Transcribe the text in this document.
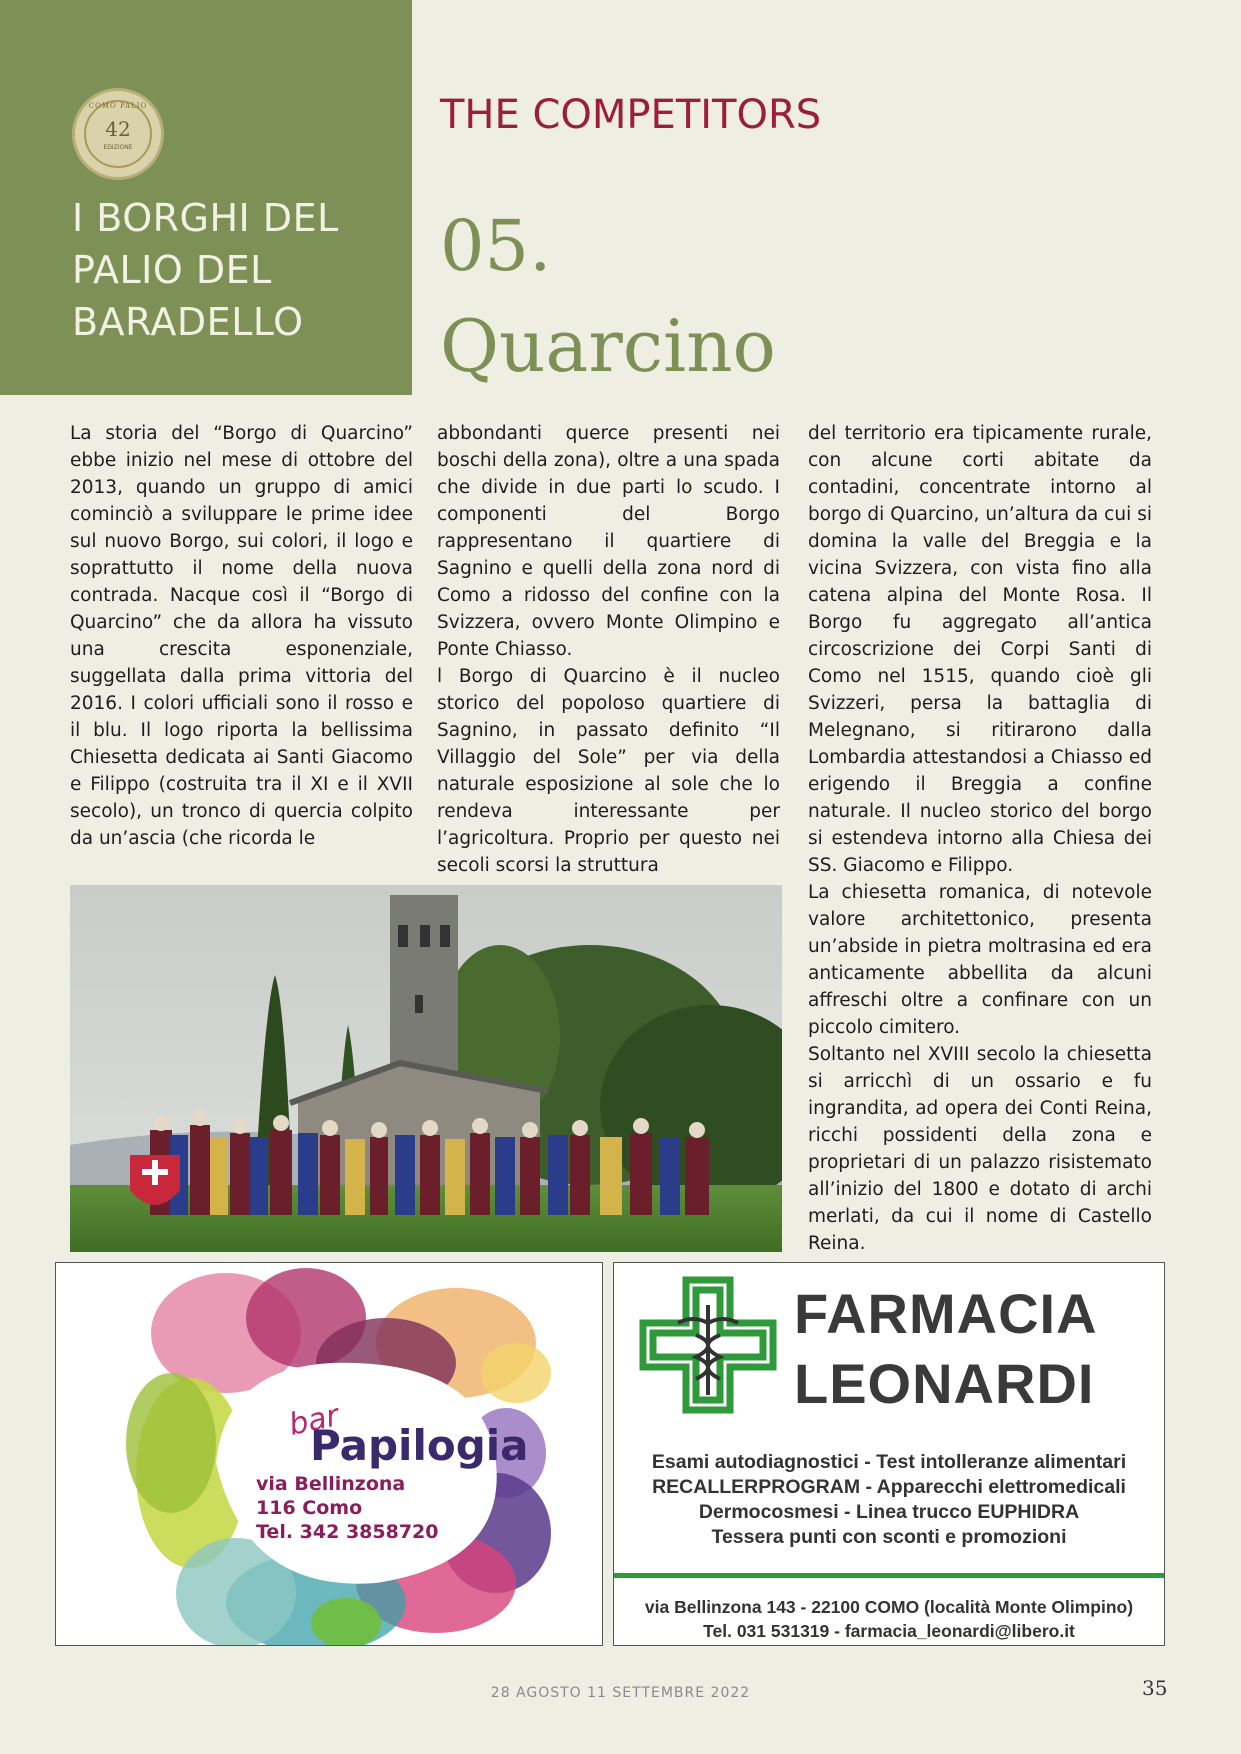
COMO PALIO
42
EDIZIONE
I BORGHI DEL
PALIO DEL
BARADELLO
THE COMPETITORS
05.
Quarcino

La storia del “Borgo di Quarcino” ebbe inizio nel mese di ottobre del 2013, quando un gruppo di amici cominciò a sviluppare le prime idee sul nuovo Borgo, sui colori, il logo e soprattutto il nome della nuova contrada. Nacque così il “Borgo di Quarcino” che da allora ha vissuto una crescita esponenziale, suggellata dalla prima vittoria del 2016. I colori ufficiali sono il rosso e il blu. Il logo riporta la bellissima Chiesetta dedicata ai Santi Giacomo e Filippo (costruita tra il XI e il XVII secolo), un tronco di quercia colpito da un’ascia (che ricorda le

abbondanti querce presenti nei boschi della zona), oltre a una spada che divide in due parti lo scudo. I componenti del Borgo rappresentano il quartiere di Sagnino e quelli della zona nord di Como a ridosso del confine con la Svizzera, ovvero Monte Olimpino e Ponte Chiasso.

l Borgo di Quarcino è il nucleo storico del popoloso quartiere di Sagnino, in passato definito “Il Villaggio del Sole” per via della naturale esposizione al sole che lo rendeva interessante per l’agricoltura. Proprio per questo nei secoli scorsi la struttura

del territorio era tipicamente rurale, con alcune corti abitate da contadini, concentrate intorno al borgo di Quarcino, un’altura da cui si domina la valle del Breggia e la vicina Svizzera, con vista fino alla catena alpina del Monte Rosa. Il Borgo fu aggregato all’antica circoscrizione dei Corpi Santi di Como nel 1515, quando cioè gli Svizzeri, persa la battaglia di Melegnano, si ritirarono dalla Lombardia attestandosi a Chiasso ed erigendo il Breggia a confine naturale. Il nucleo storico del borgo si estendeva intorno alla Chiesa dei SS. Giacomo e Filippo.

La chiesetta romanica, di notevole valore architettonico, presenta un’abside in pietra moltrasina ed era anticamente abbellita da alcuni affreschi oltre a confinare con un piccolo cimitero.

Soltanto nel XVIII secolo la chiesetta si arricchì di un ossario e fu ingrandita, ad opera dei Conti Reina, ricchi possidenti della zona e proprietari di un palazzo risistemato all’inizio del 1800 e dotato di archi merlati, da cui il nome di Castello Reina.

bar
Papilogia
via Bellinzona
116 Como
Tel. 342 3858720
FARMACIA
LEONARDI
Esami autodiagnostici - Test intolleranze alimentari
RECALLERPROGRAM - Apparecchi elettromedicali
Dermocosmesi - Linea trucco EUPHIDRA
Tessera punti con sconti e promozioni
via Bellinzona 143 - 22100 COMO (località Monte Olimpino)
Tel. 031 531319 - farmacia_leonardi@libero.it
28 AGOSTO 11 SETTEMBRE 2022	35
